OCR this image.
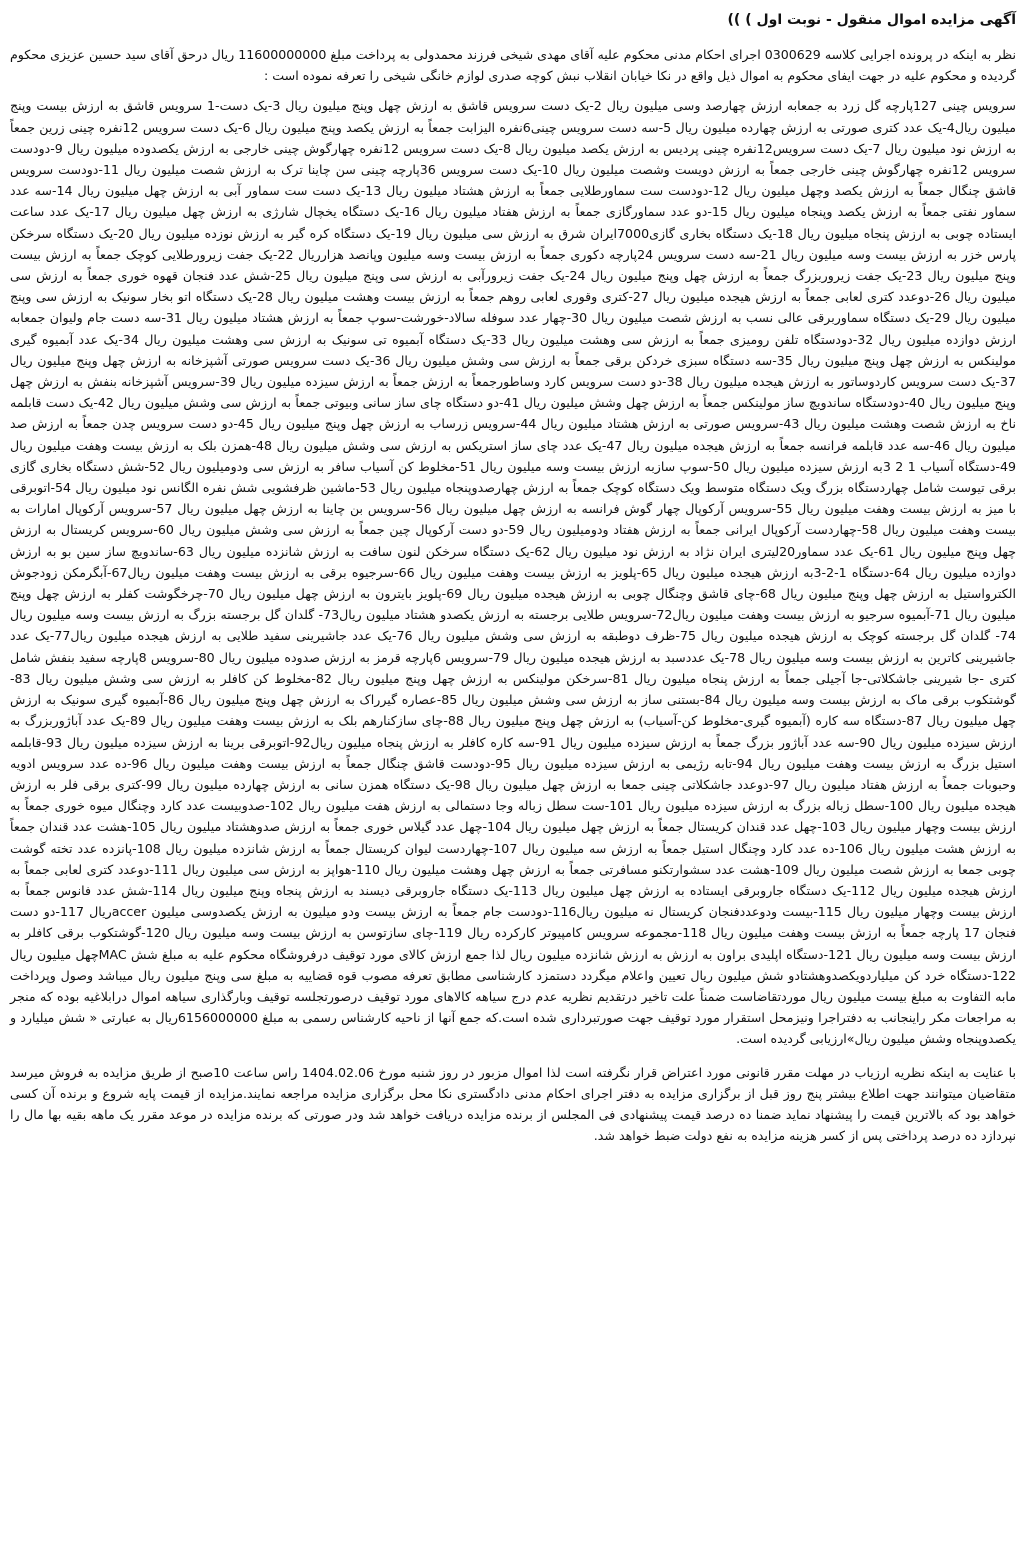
آگهی مزایده اموال منقول - نوبت اول ) ))

نظر به اینکه در پرونده اجرایی کلاسه 0300629 اجرای احکام مدنی محکوم علیه آقای مهدی شیخی فرزند محمدولی به پرداخت مبلغ 11600000000 ریال درحق آقای سید حسین عزیزی محکوم گردیده و محکوم علیه در جهت ایفای محکوم به اموال ذیل واقع در نکا خیابان انقلاب نبش کوچه صدری لوازم خانگی شیخی را تعرفه نموده است :

سرویس چینی 127پارچه گل زرد به جمعابه ارزش چهارصد وسی میلیون ریال 2-یک دست سرویس قاشق به ارزش چهل وپنج میلیون ریال 3-یک دست-1 سرویس قاشق به ارزش بیست وپنج میلیون ریال4-یک عدد کتری صورتی به ارزش چهارده میلیون ریال 5-سه دست سرویس چینی6نفره الیزابت جمعاً به ارزش یکصد وپنج میلیون ریال 6-یک دست سرویس 12نفره چینی زرین جمعاً به ارزش نود میلیون ریال 7-یک دست سرویس12نفره چینی پردیس به ارزش یکصد میلیون ریال 8-یک دست سرویس 12نفره چهارگوش چینی خارجی به ارزش یکصدوده میلیون ریال 9-دودست سرویس 12نفره چهارگوش چینی خارجی جمعاً به ارزش دویست وشصت میلیون ریال 10-یک دست سرویس 36پارچه چینی سن چاینا ترک به ارزش شصت میلیون ریال 11-دودست سرویس قاشق چنگال جمعاً به ارزش یکصد وچهل میلیون ریال 12-دودست ست سماورطلایی جمعاً به ارزش هشتاد میلیون ریال 13-یک دست ست سماور آبی به ارزش چهل میلیون ریال 14-سه عدد سماور نفتی جمعاً به ارزش یکصد وپنجاه میلیون ریال 15-دو عدد سماورگازی جمعاً به ارزش هفتاد میلیون ریال 16-یک دستگاه یخچال شارژی به ارزش چهل میلیون ریال 17-یک عدد ساعت ایستاده چوبی به ارزش پنجاه میلیون ریال 18-یک دستگاه بخاری گازی7000ایران شرق به ارزش سی میلیون ریال 19-یک دستگاه کره گیر به ارزش نوزده میلیون ریال 20-یک دستگاه سرخکن پارس خزر به ارزش بیست وسه میلیون ریال 21-سه دست سرویس 24پارچه دکوری جمعاً به ارزش بیست وسه میلیون وپانصد هزارریال 22-یک جفت زیرورطلایی کوچک جمعاً به ارزش بیست وپنج میلیون ریال 23-یک جفت زیروربزرگ جمعاً به ارزش چهل وپنج میلیون ریال 24-یک جفت زیرورآبی به ارزش سی وپنج میلیون ریال 25-شش عدد فنجان قهوه خوری جمعاً به ارزش سی میلیون ریال 26-دوعدد کتری لعابی جمعاً به ارزش هیجده میلیون ریال 27-کتری وقوری لعابی روهم جمعاً به ارزش بیست وهشت میلیون ریال 28-یک دستگاه اتو بخار سونیک به ارزش سی وپنج میلیون ریال 29-یک دستگاه سماوربرقی عالی نسب به ارزش شصت میلیون ریال 30-چهار عدد سوفله سالاد-خورشت-سوپ جمعاً به ارزش هشتاد میلیون ریال 31-سه دست جام ولیوان جمعابه ارزش دوازده میلیون ریال 32-دودستگاه تلفن رومیزی جمعاً به ارزش سی وهشت میلیون ریال 33-یک دستگاه آبمیوه تی سونیک به ارزش سی وهشت میلیون ریال 34-یک عدد آبمیوه گیری مولینکس به ارزش چهل وپنج میلیون ریال 35-سه دستگاه سبزی خردکن برقی جمعاً به ارزش سی وشش میلیون ریال 36-یک دست سرویس صورتی آشپزخانه به ارزش چهل وپنج میلیون ریال 37-یک دست سرویس کاردوساتور به ارزش هیجده میلیون ریال 38-دو دست سرویس کارد وساطورجمعاً به ارزش جمعاً به ارزش سیزده میلیون ریال 39-سرویس آشپزخانه بنفش به ارزش چهل وپنج میلیون ریال 40-دودستگاه ساندویچ ساز مولینکس جمعاً به ارزش چهل وشش میلیون ریال 41-دو دستگاه چای ساز سانی وبیوتی جمعاً به ارزش سی وشش میلیون ریال 42-یک دست قابلمه ناخ به ارزش شصت وهشت میلیون ریال 43-سرویس صورتی به ارزش هشتاد میلیون ریال 44-سرویس زرساب به ارزش چهل وپنج میلیون ریال 45-دو دست سرویس چدن جمعاً به ارزش صد میلیون ریال 46-سه عدد قابلمه فرانسه جمعاً به ارزش هیجده میلیون ریال 47-یک عدد چای ساز استریکس به ارزش سی وشش میلیون ریال 48-همزن بلک به ارزش بیست وهفت میلیون ریال 49-دستگاه آسیاب 1 2 3به ارزش سیزده میلیون ریال 50-سوپ سازبه ارزش بیست وسه میلیون ریال 51-مخلوط کن آسیاب سافر به ارزش سی ودومیلیون ریال 52-شش دستگاه بخاری گازی برقی تیوست شامل چهاردستگاه بزرگ ویک دستگاه متوسط ویک دستگاه کوچک جمعاً به ارزش چهارصدوپنجاه میلیون ریال 53-ماشین ظرفشویی شش نفره الگانس نود میلیون ریال 54-اتوبرقی با میز به ارزش بیست وهفت میلیون ریال 55-سرویس آرکوپال چهار گوش فرانسه به ارزش چهل میلیون ریال 56-سرویس بن چاینا به ارزش چهل میلیون ریال 57-سرویس آرکوپال امارات به بیست وهفت میلیون ریال 58-چهاردست آرکوپال ایرانی جمعاً به ارزش هفتاد ودومیلیون ریال 59-دو دست آرکوپال چین جمعاً به ارزش سی وشش میلیون ریال 60-سرویس کریستال به ارزش چهل وپنج میلیون ریال 61-یک عدد سماور20لیتری ایران نژاد به ارزش نود میلیون ریال 62-یک دستگاه سرخکن لنون سافت به ارزش شانزده میلیون ریال 63-ساندویچ ساز سین بو به ارزش دوازده میلیون ریال 64-دستگاه 1-2-3به ارزش هیجده میلیون ریال 65-پلویز به ارزش بیست وهفت میلیون ریال 66-سرجیوه برقی به ارزش بیست وهفت میلیون ریال67-آبگرمکن زودجوش الکترواستیل به ارزش چهل وپنج میلیون ریال 68-چای قاشق وچنگال چوبی به ارزش هیجده میلیون ریال 69-پلویز بایترون به ارزش چهل میلیون ریال 70-چرخگوشت کفلر به ارزش چهل وپنج میلیون ریال 71-آبمیوه سرجیو به ارزش بیست وهفت میلیون ریال72-سرویس طلایی برجسته به ارزش یکصدو هشتاد میلیون ریال73- گلدان گل برجسته بزرگ به ارزش بیست وسه میلیون ریال 74- گلدان گل برجسته کوچک به ارزش هیجده میلیون ریال 75-ظرف دوطبقه به ارزش سی وشش میلیون ریال 76-یک عدد جاشیرینی سفید طلایی به ارزش هیجده میلیون ریال77-یک عدد جاشیرینی کاترین به ارزش بیست وسه میلیون ریال 78-یک عددسبد به ارزش هیجده میلیون ریال 79-سرویس 6پارچه قرمز به ارزش صدوده میلیون ریال 80-سرویس 8پارچه سفید بنفش شامل کتری -جا شیرینی جاشکلاتی-جا آجیلی جمعاً به ارزش پنجاه میلیون ریال 81-سرخکن مولینکس به ارزش چهل وپنج میلیون ریال 82-مخلوط کن کافلر به ارزش سی وشش میلیون ریال 83-گوشتکوب برقی ماک به ارزش بیست وسه میلیون ریال 84-بستنی ساز به ارزش سی وشش میلیون ریال 85-عصاره گیرراک به ارزش چهل وپنج میلیون ریال 86-آبمیوه گیری سونیک به ارزش چهل میلیون ریال 87-دستگاه سه کاره (آبمیوه گیری-مخلوط کن-آسیاب) به ارزش چهل وپنج میلیون ریال 88-چای سازکنارهم بلک به ارزش بیست وهفت میلیون ریال 89-یک عدد آباژوربزرگ به ارزش سیزده میلیون ریال 90-سه عدد آباژور بزرگ جمعاً به ارزش سیزده میلیون ریال 91-سه کاره کافلر به ارزش پنجاه میلیون ریال92-اتوبرقی برینا به ارزش سیزده میلیون ریال 93-قابلمه استیل بزرگ به ارزش بیست وهفت میلیون ریال 94-تابه رژیمی به ارزش سیزده میلیون ریال 95-دودست قاشق چنگال جمعاً به ارزش بیست وهفت میلیون ریال 96-ده عدد سرویس ادویه وحبوبات جمعاً به ارزش هفتاد میلیون ریال 97-دوعدد جاشکلاتی چینی جمعا به ارزش چهل میلیون ریال 98-یک دستگاه همزن سانی به ارزش چهارده میلیون ریال 99-کتری برقی فلر به ارزش هیجده میلیون ریال 100-سطل زباله بزرگ به ارزش سیزده میلیون ریال 101-ست سطل زباله وجا دستمالی به ارزش هفت میلیون ریال 102-صدوبیست عدد کارد وچنگال میوه خوری جمعاً به ارزش بیست وچهار میلیون ریال 103-چهل عدد قندان کریستال جمعاً به ارزش چهل میلیون ریال 104-چهل عدد گیلاس خوری جمعاً به ارزش صدوهشتاد میلیون ریال 105-هشت عدد قندان جمعاً به ارزش هشت میلیون ریال 106-ده عدد کارد وچنگال استیل جمعاً به ارزش سه میلیون ریال 107-چهاردست لیوان کریستال جمعاً به ارزش شانزده میلیون ریال 108-پانزده عدد تخته گوشت چوبی جمعا به ارزش شصت میلیون ریال 109-هشت عدد سشوارتکنو مسافرتی جمعاً به ارزش چهل وهشت میلیون ریال 110-هواپز به ارزش سی میلیون ریال 111-دوعدد کتری لعابی جمعاً به ارزش هیجده میلیون ریال 112-یک دستگاه جاروبرقی ایستاده به ارزش چهل میلیون ریال 113-یک دستگاه جاروبرقی دیسند به ارزش پنجاه وپنج میلیون ریال 114-شش عدد فانوس جمعاً به ارزش بیست وچهار میلیون ریال 115-بیست ودوعددفنجان کریستال نه میلیون ریال116-دودست جام جمعاً به ارزش بیست ودو میلیون به ارزش یکصدوسی میلیون accerریال 117-دو دست فنجان 17 پارچه جمعاً به ارزش بیست وهفت میلیون ریال 118-مجموعه سرویس کامپیوتر کارکرده ریال 119-چای سازتوسن به ارزش بیست وسه میلیون ریال 120-گوشتکوب برقی کافلر به ارزش بیست وسه میلیون ریال 121-دستگاه اپلیدی براون به ارزش به ارزش شانزده میلیون ریال لذا جمع ارزش کالای مورد توقیف درفروشگاه محکوم علیه به مبلغ شش MACچهل میلیون ریال 122-دستگاه خرد کن میلیاردویکصدوهشتادو شش میلیون ریال تعیین واعلام میگردد دستمزد کارشناسی مطابق تعرفه مصوب قوه قضاییه به مبلغ سی وپنج میلیون ریال میباشد وصول وپرداخت مابه التفاوت به مبلغ بیست میلیون ریال موردتقاضاست ضمناً علت تاخیر درتقدیم نظریه عدم درج سیاهه کالاهای مورد توقیف درصورتجلسه توقیف وبارگذاری سیاهه اموال درابلاغیه بوده که منجر به مراجعات مکر راینجانب به دفتراجرا ونیزمحل استقرار مورد توقیف جهت صورتبرداری شده است.که جمع آنها از ناحیه کارشناس رسمی به مبلغ 6156000000ریال به عبارتی « شش میلیارد و یکصدوپنجاه وشش میلیون ریال»ارزیابی گردیده است.

با عنایت به اینکه نظریه ارزیاب در مهلت مقرر قانونی مورد اعتراض قرار نگرفته است لذا اموال مزبور در روز شنبه مورخ 1404.02.06 راس ساعت 10صبح از طریق مزایده به فروش میرسد متقاضیان میتوانند جهت اطلاع بیشتر پنج روز قبل از برگزاری مزایده به دفتر اجرای احکام مدنی دادگستری نکا محل برگزاری مزایده مراجعه نمایند.مزایده از قیمت پایه شروع و برنده آن کسی خواهد بود که بالاترین قیمت را پیشنهاد نماید ضمنا ده درصد قیمت پیشنهادی فی المجلس از برنده مزایده دریافت خواهد شد ودر صورتی که برنده مزایده در موعد مقرر یک ماهه بقیه بها مال را نپردازد ده درصد پرداختی پس از کسر هزینه مزایده به نفع دولت ضبط خواهد شد.
